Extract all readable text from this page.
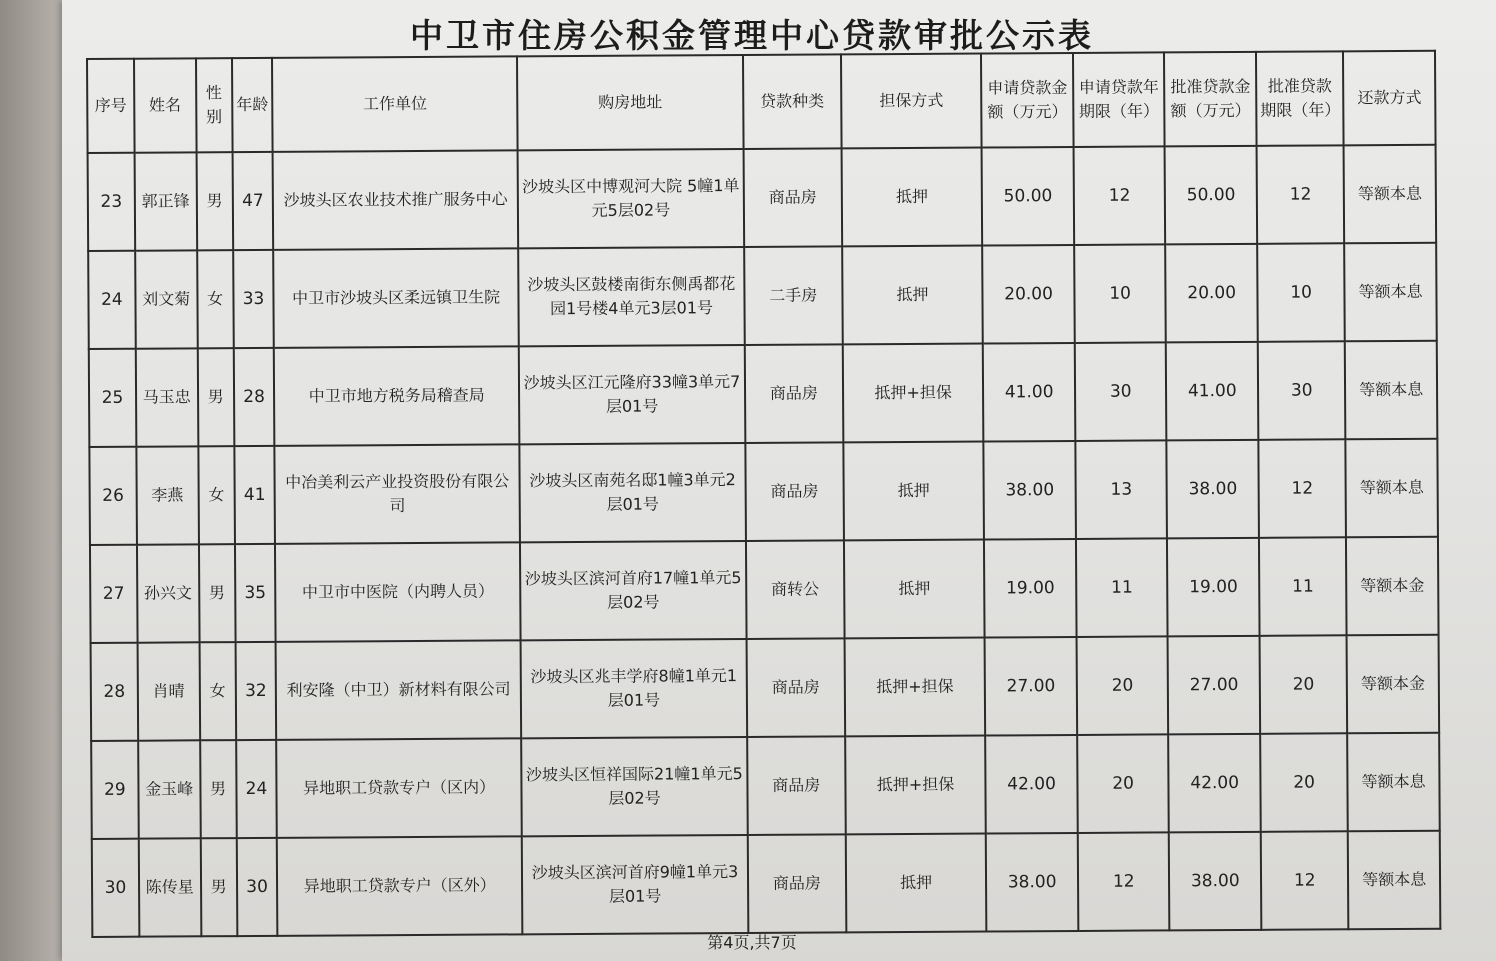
中卫市住房公积金管理中心贷款审批公示表
序号	姓名	性别	年龄	工作单位	购房地址	贷款种类	担保方式	申请贷款金额（万元）	申请贷款年期限（年）	批准贷款金额（万元）	批准贷款期限（年）	还款方式
23	郭正锋	男	47	沙坡头区农业技术推广服务中心	沙坡头区中博观河大院 5幢1单元5层02号	商品房	抵押	50.00	12	50.00	12	等额本息
24	刘文菊	女	33	中卫市沙坡头区柔远镇卫生院	沙坡头区鼓楼南街东侧禹都花园1号楼4单元3层01号	二手房	抵押	20.00	10	20.00	10	等额本息
25	马玉忠	男	28	中卫市地方税务局稽查局	沙坡头区江元隆府33幢3单元7层01号	商品房	抵押+担保	41.00	30	41.00	30	等额本息
26	李燕	女	41	中冶美利云产业投资股份有限公司	沙坡头区南苑名邸1幢3单元2层01号	商品房	抵押	38.00	13	38.00	12	等额本息
27	孙兴文	男	35	中卫市中医院（内聘人员）	沙坡头区滨河首府17幢1单元5层02号	商转公	抵押	19.00	11	19.00	11	等额本金
28	肖晴	女	32	利安隆（中卫）新材料有限公司	沙坡头区兆丰学府8幢1单元1层01号	商品房	抵押+担保	27.00	20	27.00	20	等额本金
29	金玉峰	男	24	异地职工贷款专户（区内）	沙坡头区恒祥国际21幢1单元5层02号	商品房	抵押+担保	42.00	20	42.00	20	等额本息
30	陈传星	男	30	异地职工贷款专户（区外）	沙坡头区滨河首府9幢1单元3层01号	商品房	抵押	38.00	12	38.00	12	等额本息
第4页,共7页
